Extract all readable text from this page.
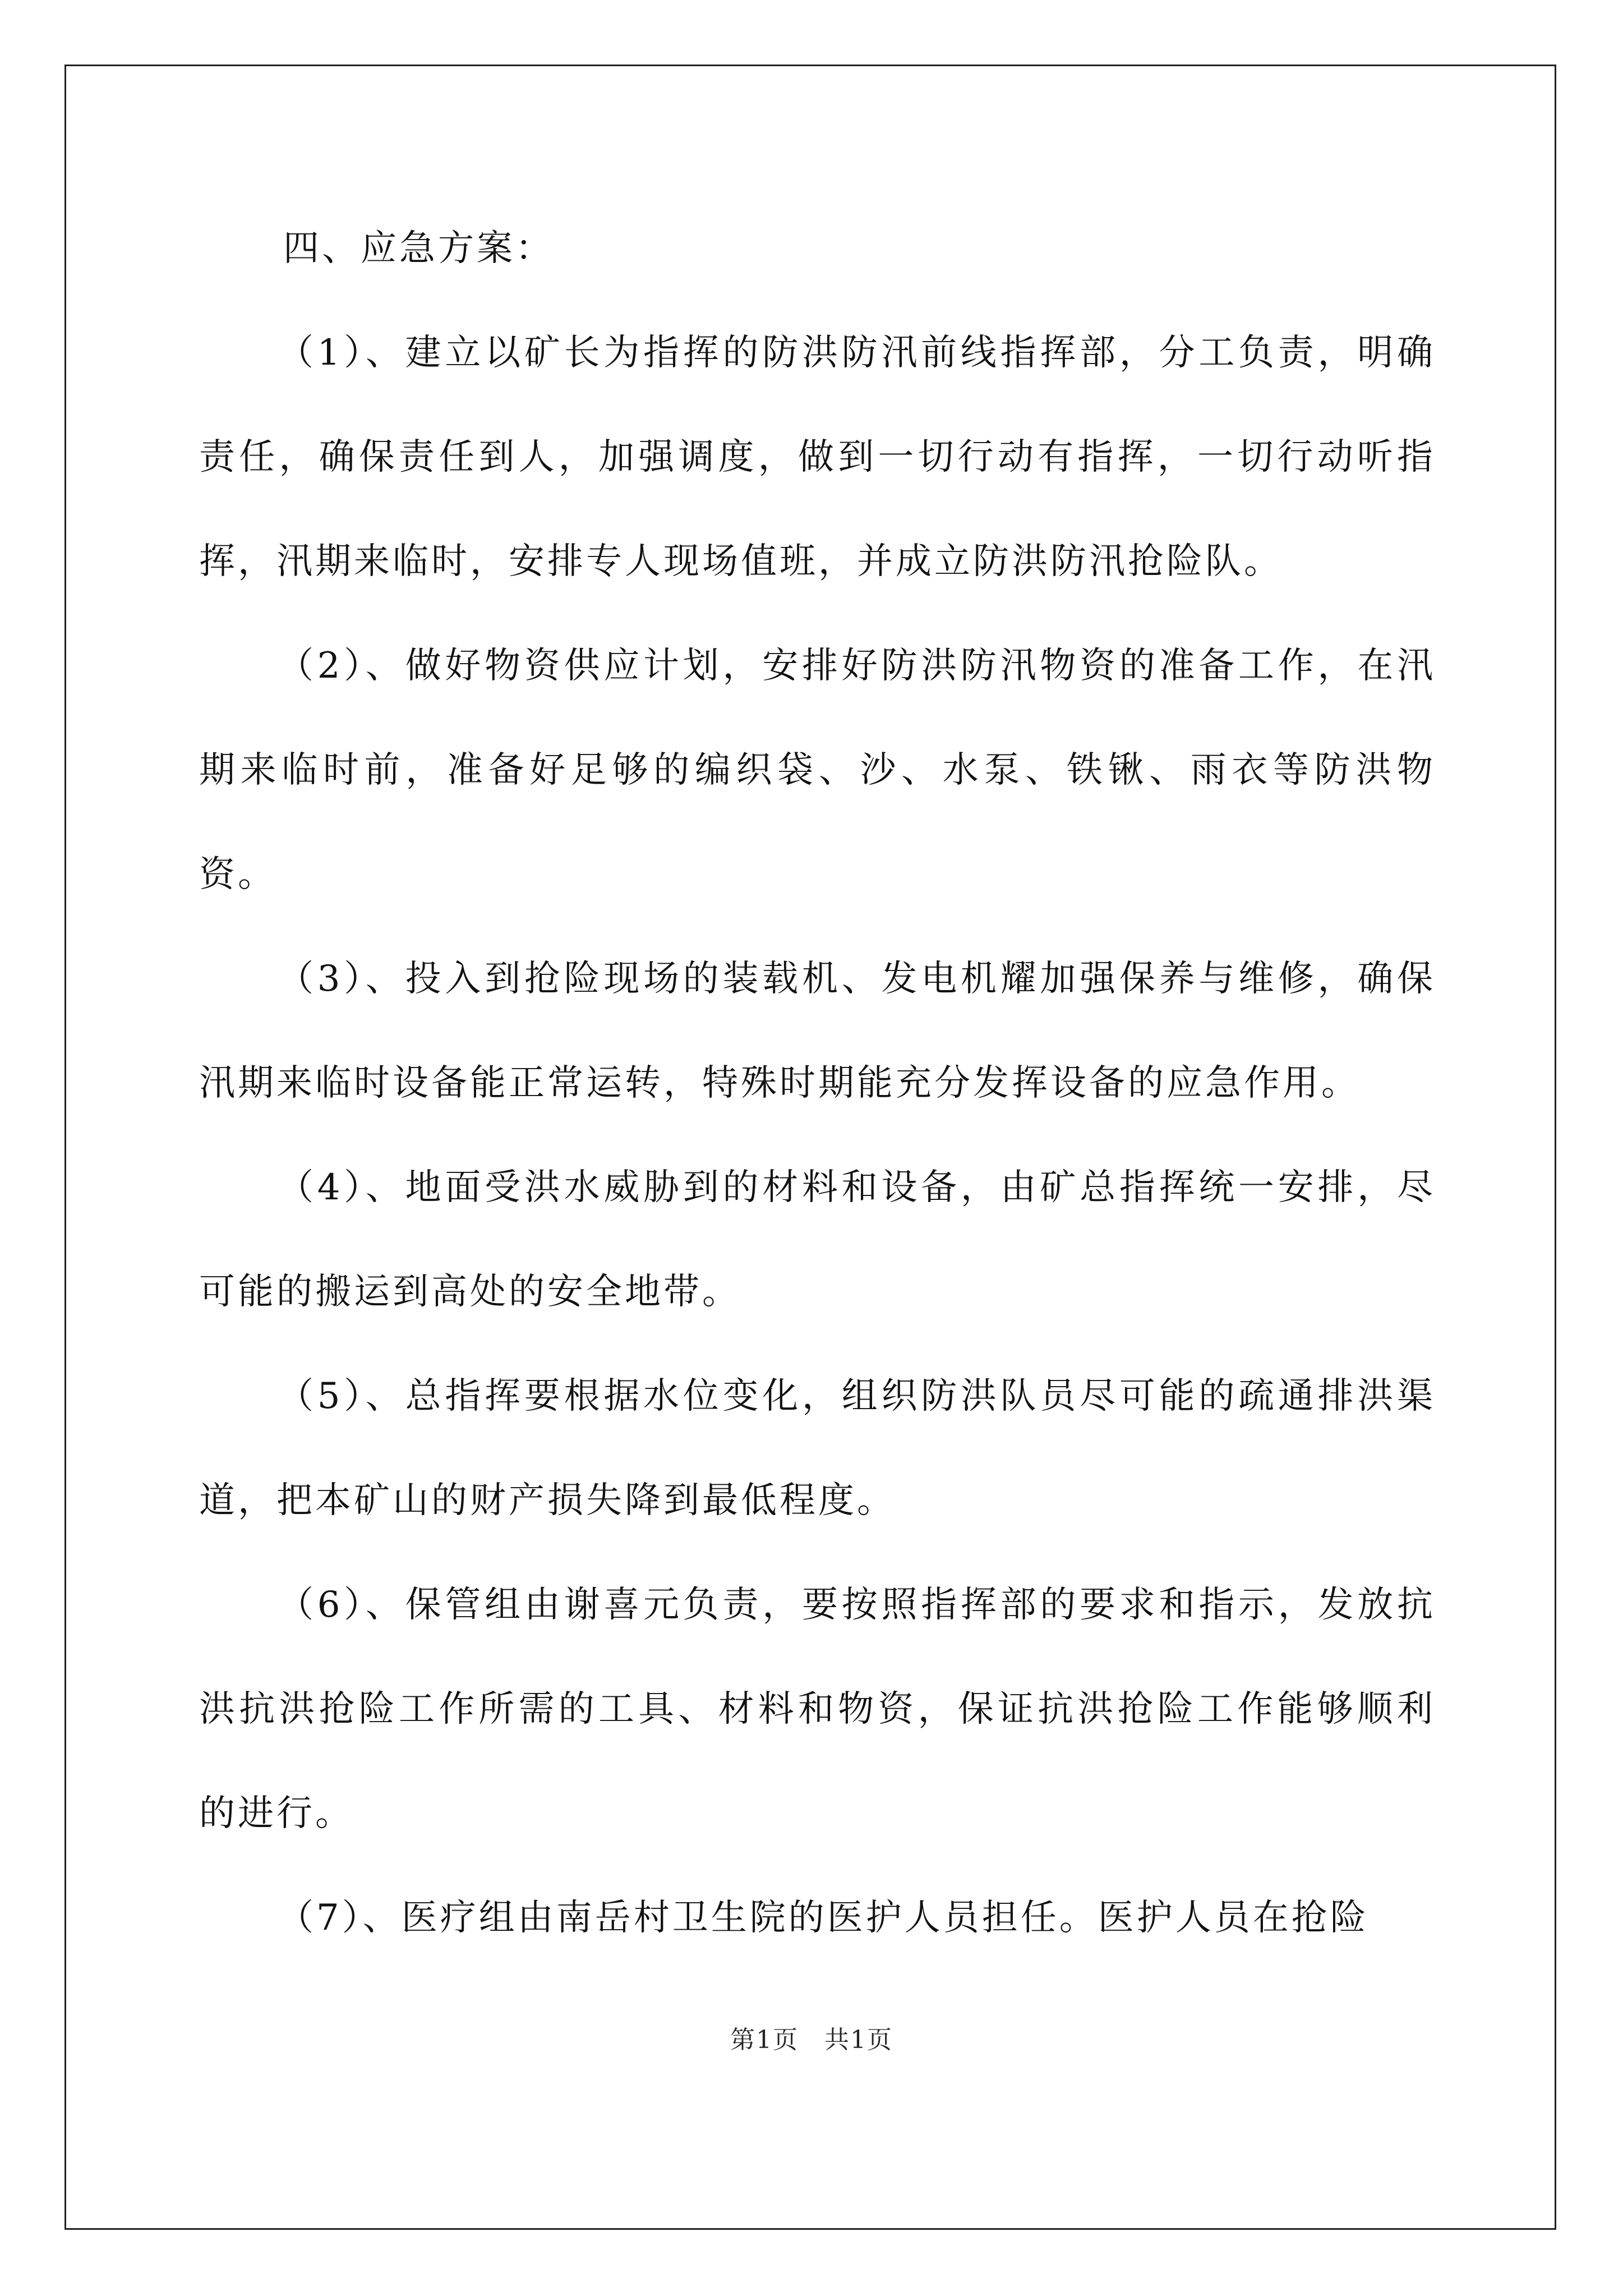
四、应急方案：

（1）、建立以矿长为指挥的防洪防汛前线指挥部，分工负责，明确责任，确保责任到人，加强调度，做到一切行动有指挥，一切行动听指挥，汛期来临时，安排专人现场值班，并成立防洪防汛抢险队。

（2）、做好物资供应计划，安排好防洪防汛物资的准备工作，在汛期来临时前，准备好足够的编织袋、沙、水泵、铁锹、雨衣等防洪物资。

（3）、投入到抢险现场的装载机、发电机耀加强保养与维修，确保汛期来临时设备能正常运转，特殊时期能充分发挥设备的应急作用。

（4）、地面受洪水威胁到的材料和设备，由矿总指挥统一安排，尽可能的搬运到高处的安全地带。

（5）、总指挥要根据水位变化，组织防洪队员尽可能的疏通排洪渠道，把本矿山的财产损失降到最低程度。

（6）、保管组由谢喜元负责，要按照指挥部的要求和指示，发放抗洪抗洪抢险工作所需的工具、材料和物资，保证抗洪抢险工作能够顺利的进行。

（7）、医疗组由南岳村卫生院的医护人员担任。医护人员在抢险

第1页　共1页
